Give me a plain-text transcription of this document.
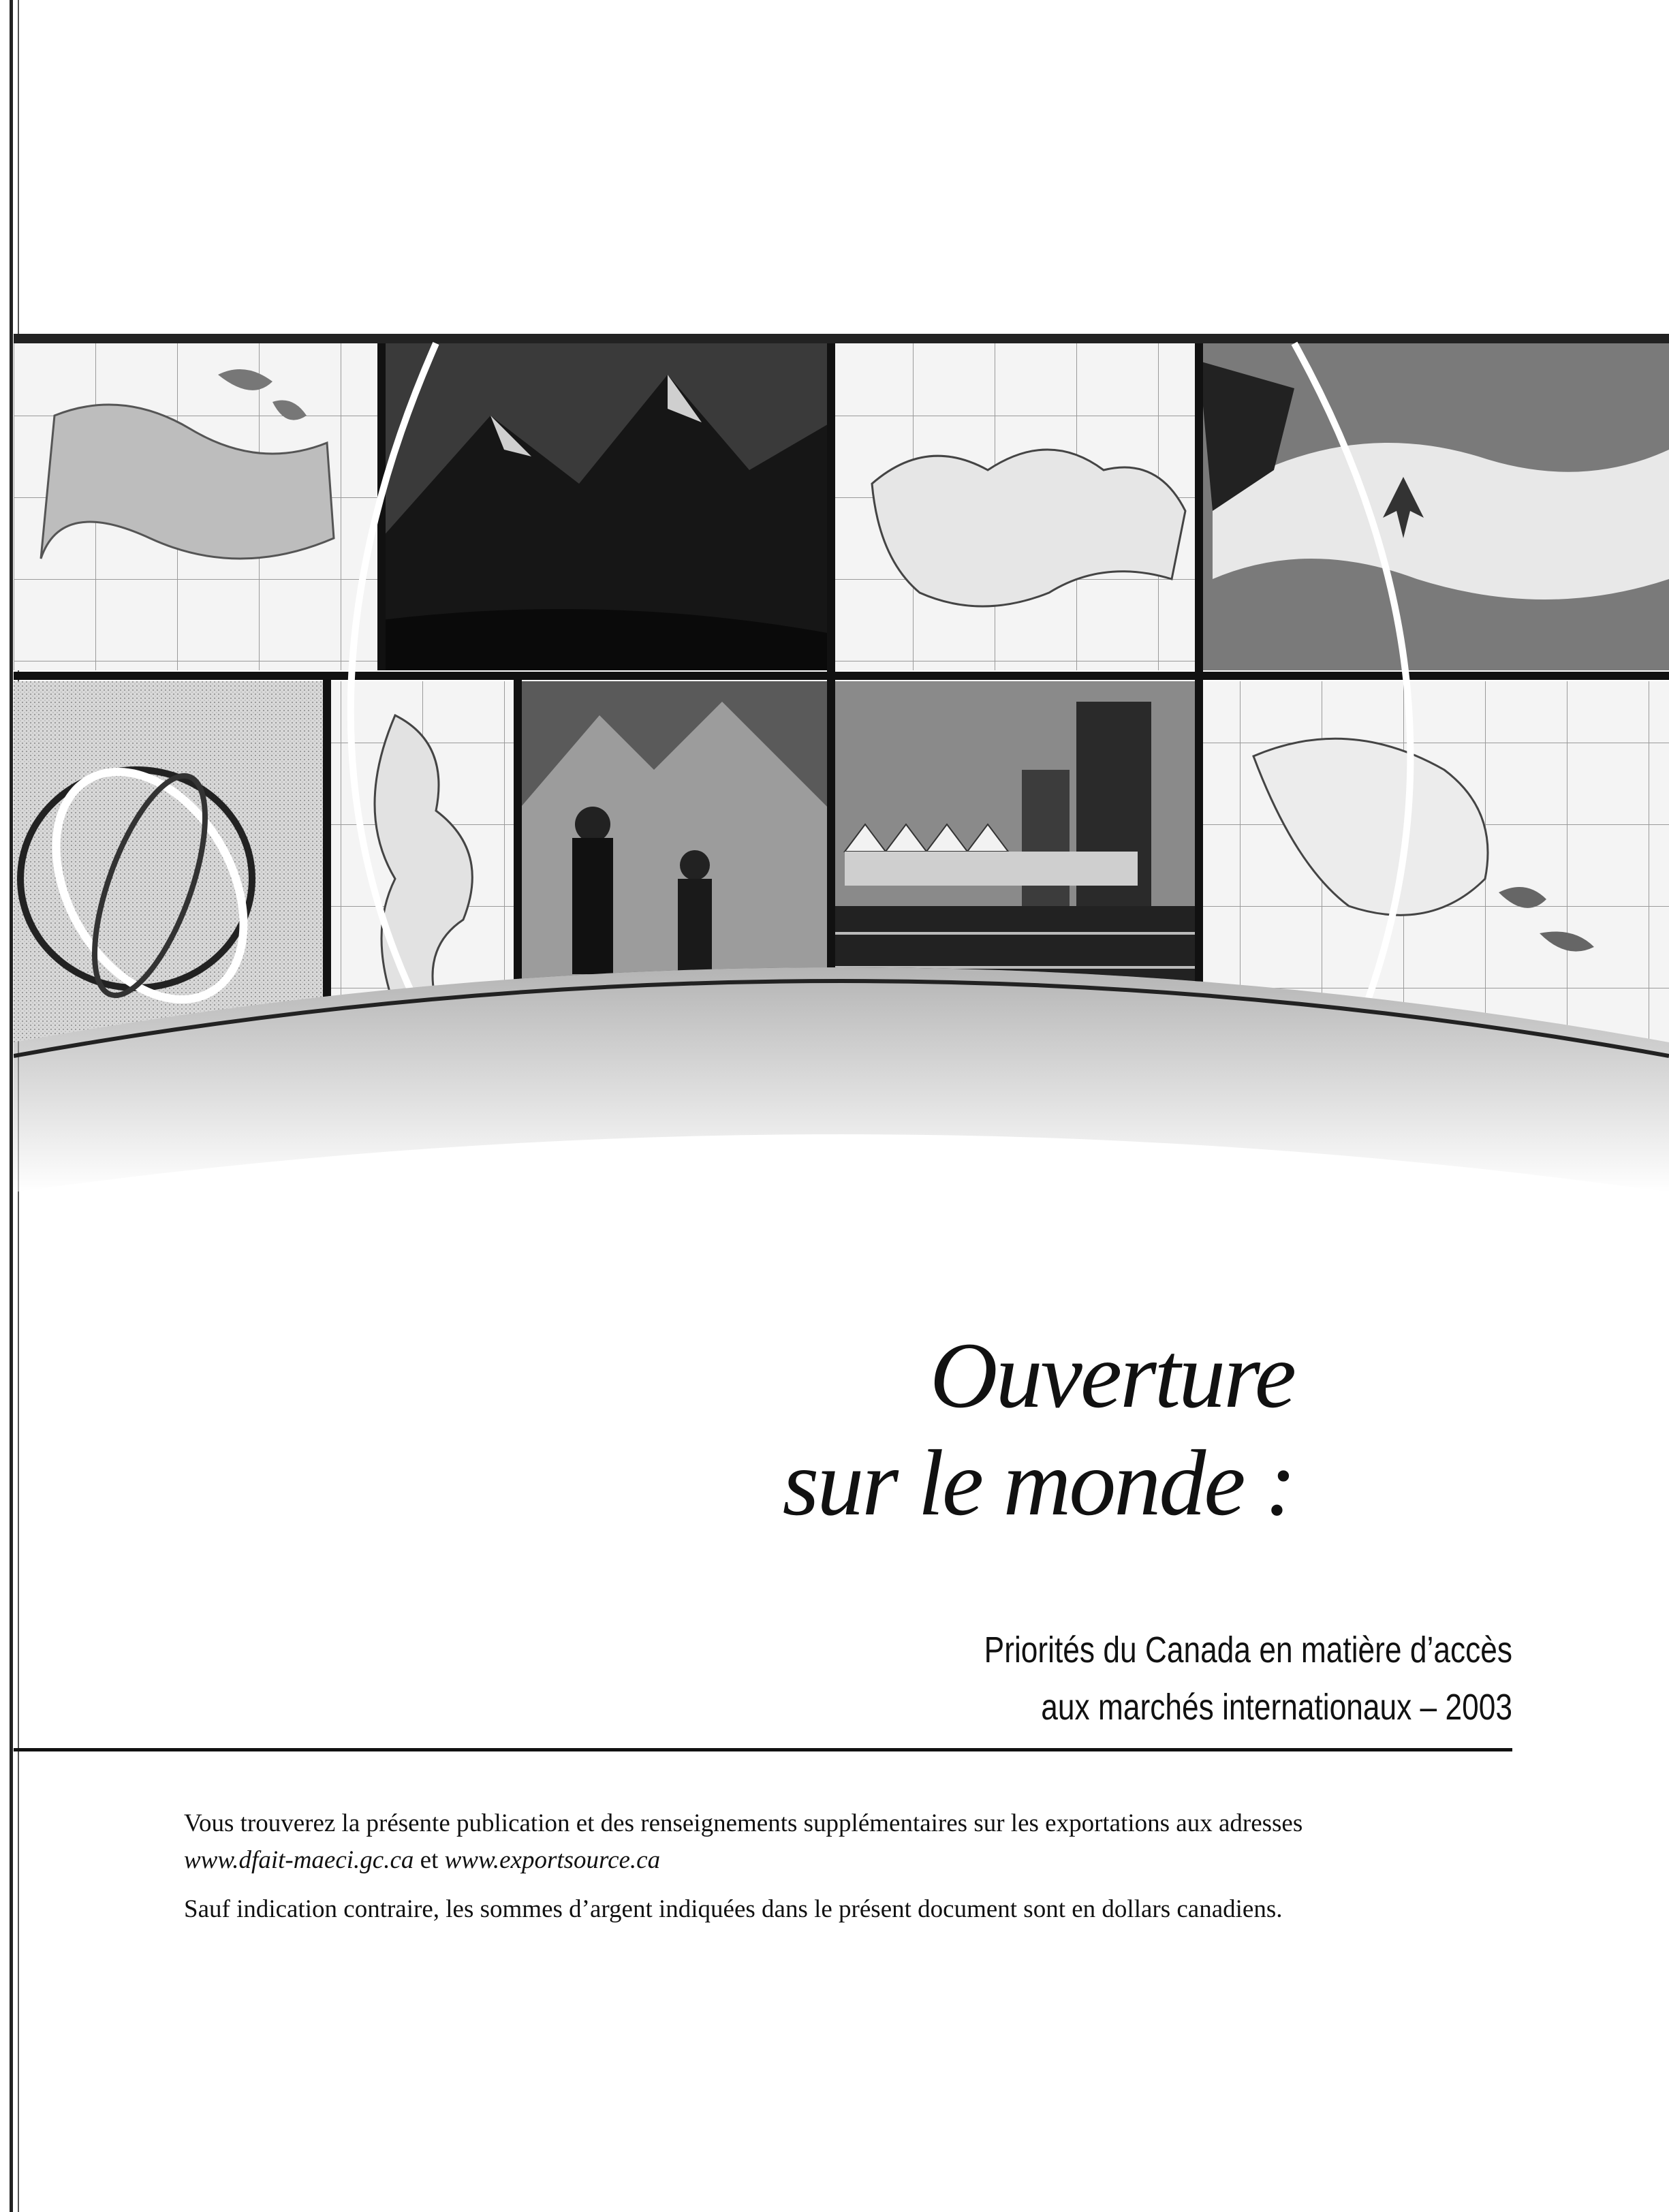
Ouverture
sur le monde :
Priorités du Canada en matière d’accès
aux marchés internationaux – 2003

Vous trouverez la présente publication et des renseignements supplémentaires sur les exportations aux adresses
www.dfait-maeci.gc.ca et www.exportsource.ca

Sauf indication contraire, les sommes d’argent indiquées dans le présent document sont en dollars canadiens.
